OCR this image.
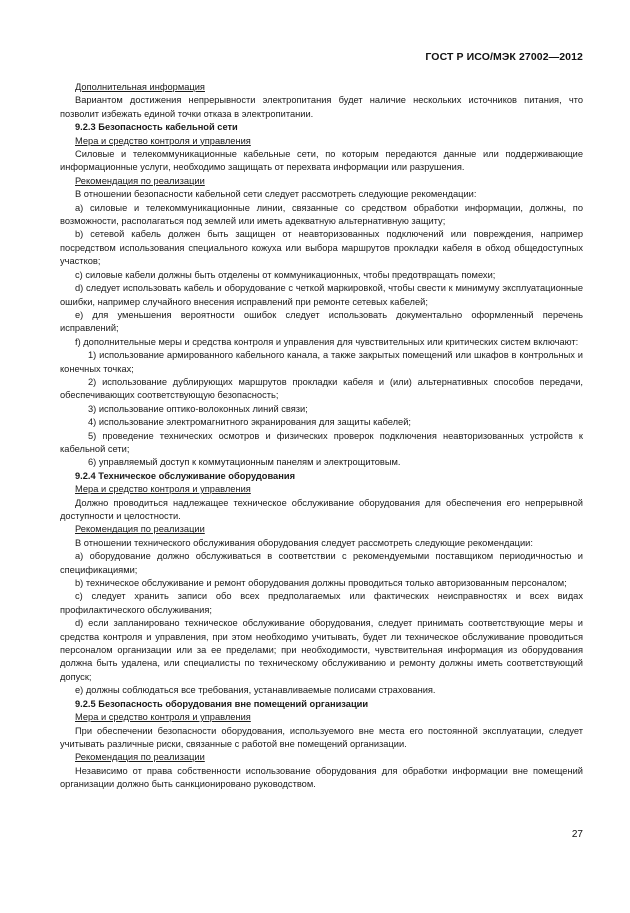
ГОСТ Р ИСО/МЭК 27002—2012

Дополнительная информация

Вариантом достижения непрерывности электропитания будет наличие нескольких источников питания, что позволит избежать единой точки отказа в электропитании.

9.2.3 Безопасность кабельной сети

Мера и средство контроля и управления

Силовые и телекоммуникационные кабельные сети, по которым передаются данные или поддерживающие информационные услуги, необходимо защищать от перехвата информации или разрушения.

Рекомендация по реализации

В отношении безопасности кабельной сети следует рассмотреть следующие рекомендации:

а) силовые и телекоммуникационные линии, связанные со средством обработки информации, должны, по возможности, располагаться под землей или иметь адекватную альтернативную защиту;

b) сетевой кабель должен быть защищен от неавторизованных подключений или повреждения, например посредством использования специального кожуха или выбора маршрутов прокладки кабеля в обход общедоступных участков;

с) силовые кабели должны быть отделены от коммуникационных, чтобы предотвращать помехи;

d) следует использовать кабель и оборудование с четкой маркировкой, чтобы свести к минимуму эксплуатационные ошибки, например случайного внесения исправлений при ремонте сетевых кабелей;

е) для уменьшения вероятности ошибок следует использовать документально оформленный перечень исправлений;

f) дополнительные меры и средства контроля и управления для чувствительных или критических систем включают:

1) использование армированного кабельного канала, а также закрытых помещений или шкафов в контрольных и конечных точках;

2) использование дублирующих маршрутов прокладки кабеля и (или) альтернативных способов передачи, обеспечивающих соответствующую безопасность;

3) использование оптико-волоконных линий связи;

4) использование электромагнитного экранирования для защиты кабелей;

5) проведение технических осмотров и физических проверок подключения неавторизованных устройств к кабельной сети;

6) управляемый доступ к коммутационным панелям и электрощитовым.

9.2.4 Техническое обслуживание оборудования

Мера и средство контроля и управления

Должно проводиться надлежащее техническое обслуживание оборудования для обеспечения его непрерывной доступности и целостности.

Рекомендация по реализации

В отношении технического обслуживания оборудования следует рассмотреть следующие рекомендации:

а) оборудование должно обслуживаться в соответствии с рекомендуемыми поставщиком периодичностью и спецификациями;

b) техническое обслуживание и ремонт оборудования должны проводиться только авторизованным персоналом;

с) следует хранить записи обо всех предполагаемых или фактических неисправностях и всех видах профилактического обслуживания;

d) если запланировано техническое обслуживание оборудования, следует принимать соответствующие меры и средства контроля и управления, при этом необходимо учитывать, будет ли техническое обслуживание проводиться персоналом организации или за ее пределами; при необходимости, чувствительная информация из оборудования должна быть удалена, или специалисты по техническому обслуживанию и ремонту должны иметь соответствующий допуск;

е) должны соблюдаться все требования, устанавливаемые полисами страхования.

9.2.5 Безопасность оборудования вне помещений организации

Мера и средство контроля и управления

При обеспечении безопасности оборудования, используемого вне места его постоянной эксплуатации, следует учитывать различные риски, связанные с работой вне помещений организации.

Рекомендация по реализации

Независимо от права собственности использование оборудования для обработки информации вне помещений организации должно быть санкционировано руководством.

27
